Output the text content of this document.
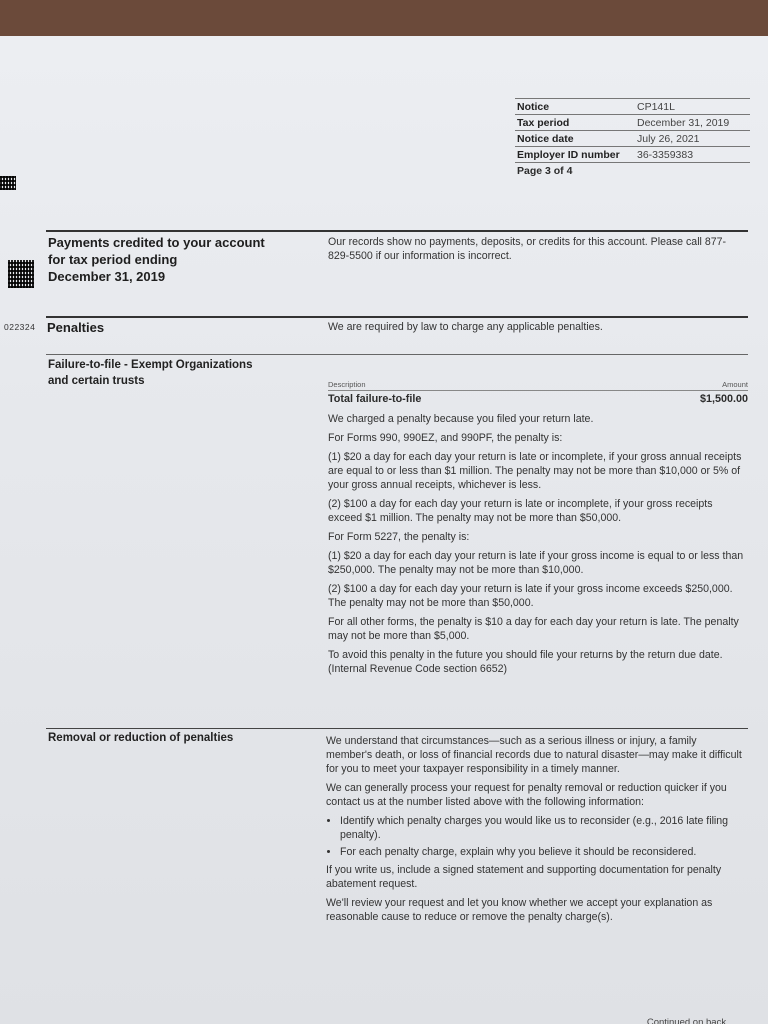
Notice	CP141L
Tax period	December 31, 2019
Notice date	July 26, 2021
Employer ID number	36-3359383
Page 3 of 4
Payments credited to your account
for tax period ending
December 31, 2019
Our records show no payments, deposits, or credits for this account. Please call 877-829-5500 if our information is incorrect.
022324 Penalties	We are required by law to charge any applicable penalties.
Failure-to-file - Exempt Organizations
and certain trusts	Description	Amount
Total failure-to-file	$1,500.00

We charged a penalty because you filed your return late.

For Forms 990, 990EZ, and 990PF, the penalty is:

(1) $20 a day for each day your return is late or incomplete, if your gross annual receipts are equal to or less than $1 million. The penalty may not be more than $10,000 or 5% of your gross annual receipts, whichever is less.

(2) $100 a day for each day your return is late or incomplete, if your gross receipts exceed $1 million. The penalty may not be more than $50,000.

For Form 5227, the penalty is:

(1) $20 a day for each day your return is late if your gross income is equal to or less than $250,000. The penalty may not be more than $10,000.

(2) $100 a day for each day your return is late if your gross income exceeds $250,000. The penalty may not be more than $50,000.

For all other forms, the penalty is $10 a day for each day your return is late. The penalty may not be more than $5,000.

To avoid this penalty in the future you should file your returns by the return due date. (Internal Revenue Code section 6652)

Removal or reduction of penalties	We understand that circumstances—such as a serious illness or injury, a family member's death, or loss of financial records due to natural disaster—may make it difficult for you to meet your taxpayer responsibility in a timely manner.

We can generally process your request for penalty removal or reduction quicker if you contact us at the number listed above with the following information:

• Identify which penalty charges you would like us to reconsider (e.g., 2016 late filing penalty).
• For each penalty charge, explain why you believe it should be reconsidered.

If you write us, include a signed statement and supporting documentation for penalty abatement request.

We'll review your request and let you know whether we accept your explanation as reasonable cause to reduce or remove the penalty charge(s).

Continued on back...
